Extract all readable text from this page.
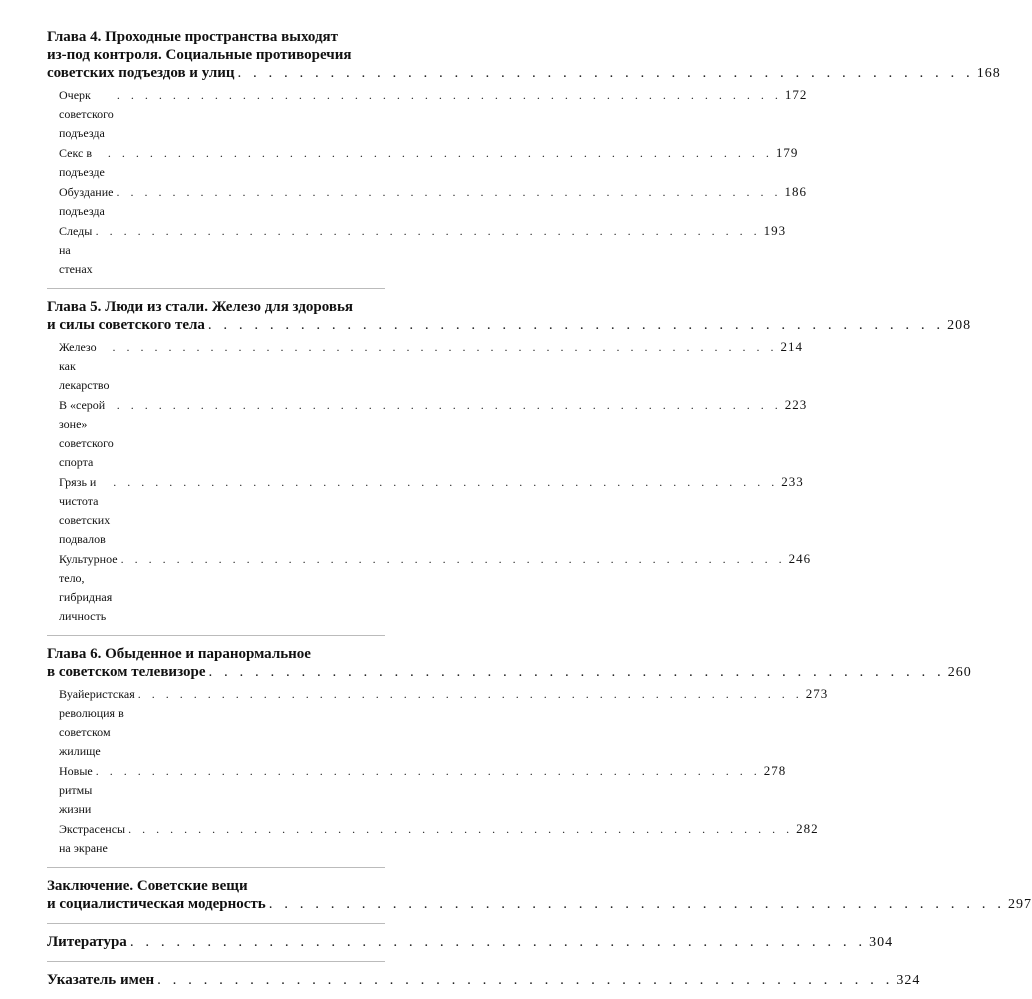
Глава 4. Проходные пространства выходят
из-под контроля. Социальные противоречия
советских подъездов и улиц . . . . . . . . . . . . . . . . . . . . . . . . . . . . . . . . . . . . . . . . . . . . . . . . 168
Очерк советского подъезда
. . . . . . . . . . . . . . . . . . . . . . . . . . . . . . . . . . . . . . . . . . . . . . . . 172
Секс в подъезде
. . . . . . . . . . . . . . . . . . . . . . . . . . . . . . . . . . . . . . . . . . . . . . . . 179
Обуздание подъезда
. . . . . . . . . . . . . . . . . . . . . . . . . . . . . . . . . . . . . . . . . . . . . . . . 186
Следы на стенах
. . . . . . . . . . . . . . . . . . . . . . . . . . . . . . . . . . . . . . . . . . . . . . . . 193
Глава 5. Люди из стали. Железо для здоровья
и силы советского тела . . . . . . . . . . . . . . . . . . . . . . . . . . . . . . . . . . . . . . . . . . . . . . . . 208
Железо как лекарство
. . . . . . . . . . . . . . . . . . . . . . . . . . . . . . . . . . . . . . . . . . . . . . . . 214
В «серой зоне» советского спорта
. . . . . . . . . . . . . . . . . . . . . . . . . . . . . . . . . . . . . . . . . . . . . . . . 223
Грязь и чистота советских подвалов
. . . . . . . . . . . . . . . . . . . . . . . . . . . . . . . . . . . . . . . . . . . . . . . . 233
Культурное тело, гибридная личность
. . . . . . . . . . . . . . . . . . . . . . . . . . . . . . . . . . . . . . . . . . . . . . . . 246
Глава 6. Обыденное и паранормальное
в советском телевизоре . . . . . . . . . . . . . . . . . . . . . . . . . . . . . . . . . . . . . . . . . . . . . . . . 260
Вуайеристская революция в советском жилище
. . . . . . . . . . . . . . . . . . . . . . . . . . . . . . . . . . . . . . . . . . . . . . . . 273
Новые ритмы жизни
. . . . . . . . . . . . . . . . . . . . . . . . . . . . . . . . . . . . . . . . . . . . . . . . 278
Экстрасенсы на экране
. . . . . . . . . . . . . . . . . . . . . . . . . . . . . . . . . . . . . . . . . . . . . . . . 282
Заключение. Советские вещи
и социалистическая модерность . . . . . . . . . . . . . . . . . . . . . . . . . . . . . . . . . . . . . . . . . . . . . . . . 297
Литература . . . . . . . . . . . . . . . . . . . . . . . . . . . . . . . . . . . . . . . . . . . . . . . . 304
Указатель имен . . . . . . . . . . . . . . . . . . . . . . . . . . . . . . . . . . . . . . . . . . . . . . . . 324
